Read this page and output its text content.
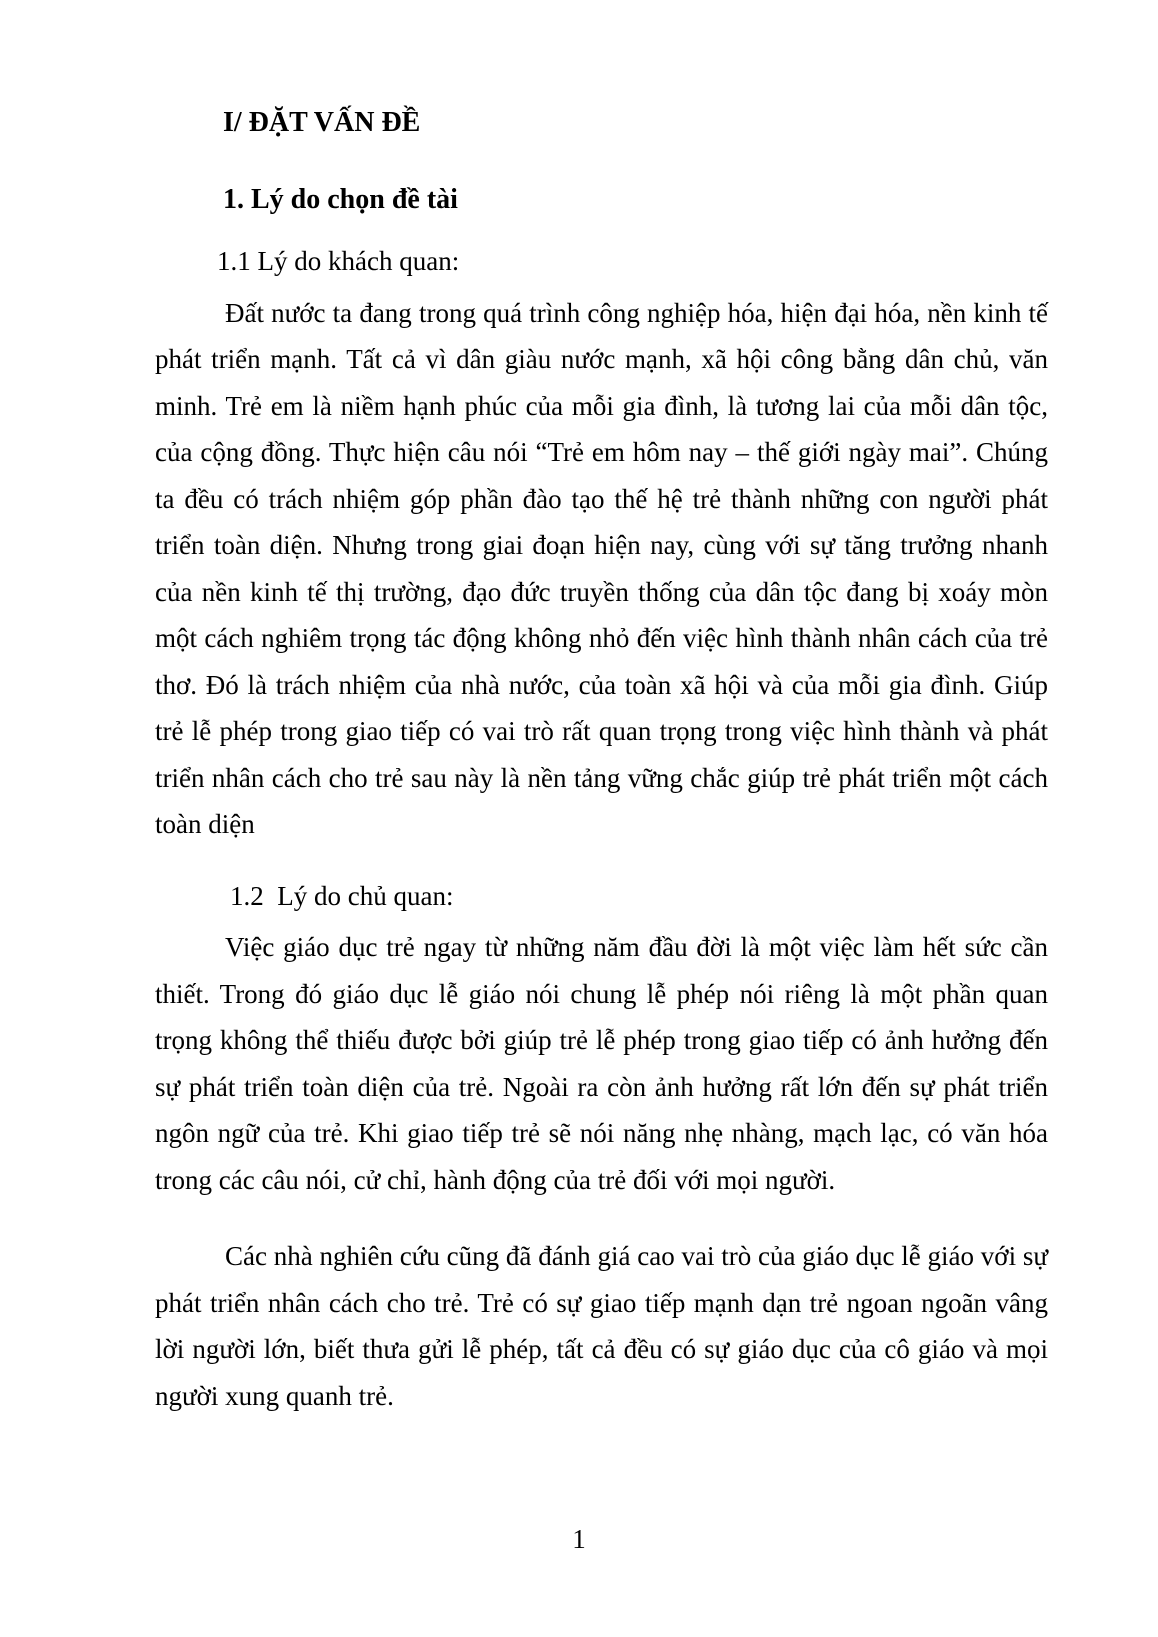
I/ ĐẶT VẤN ĐỀ
1. Lý do chọn đề tài
1.1 Lý do khách quan:

Đất nước ta đang trong quá trình công nghiệp hóa, hiện đại hóa, nền kinh tế phát triển mạnh. Tất cả vì dân giàu nước mạnh, xã hội công bằng dân chủ, văn minh. Trẻ em là niềm hạnh phúc của mỗi gia đình, là tương lai của mỗi dân tộc, của cộng đồng. Thực hiện câu nói “Trẻ em hôm nay – thế giới ngày mai”. Chúng ta đều có trách nhiệm góp phần đào tạo thế hệ trẻ thành những con người phát triển toàn diện. Nhưng trong giai đoạn hiện nay, cùng với sự tăng trưởng nhanh của nền kinh tế thị trường, đạo đức truyền thống của dân tộc đang bị xoáy mòn một cách nghiêm trọng tác động không nhỏ đến việc hình thành nhân cách của trẻ thơ. Đó là trách nhiệm của nhà nước, của toàn xã hội và của mỗi gia đình. Giúp trẻ lễ phép trong giao tiếp có vai trò rất quan trọng trong việc hình thành và phát triển nhân cách cho trẻ sau này là nền tảng vững chắc giúp trẻ phát triển một cách toàn diện

1.2  Lý do chủ quan:

Việc giáo dục trẻ ngay từ những năm đầu đời là một việc làm hết sức cần thiết. Trong đó giáo dục lễ giáo nói chung lễ phép nói riêng là một phần quan trọng không thể thiếu được bởi giúp trẻ lễ phép trong giao tiếp có ảnh hưởng đến sự phát triển toàn diện của trẻ. Ngoài ra còn ảnh hưởng rất lớn đến sự phát triển ngôn ngữ của trẻ. Khi giao tiếp trẻ sẽ nói năng nhẹ nhàng, mạch lạc, có văn hóa trong các câu nói, cử chỉ, hành động của trẻ đối với mọi người.

Các nhà nghiên cứu cũng đã đánh giá cao vai trò của giáo dục lễ giáo với sự phát triển nhân cách cho trẻ. Trẻ có sự giao tiếp mạnh dạn trẻ ngoan ngoãn vâng lời người lớn, biết thưa gửi lễ phép, tất cả đều có sự giáo dục của cô giáo và mọi người xung quanh trẻ.

1
